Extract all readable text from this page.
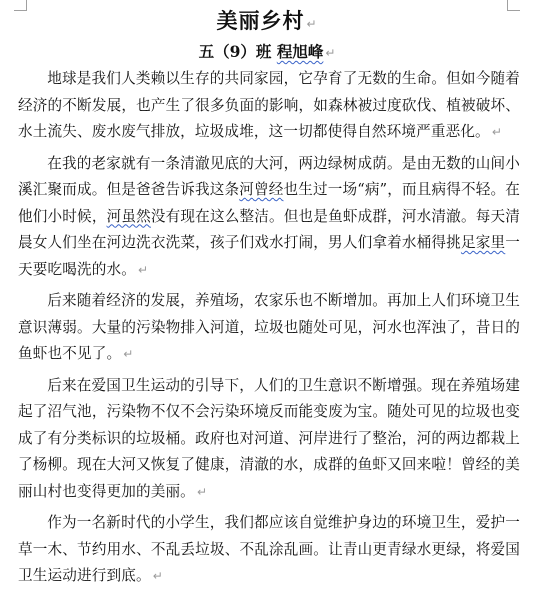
美丽乡村 ↵
五（9）班 程旭峰 ↵

地球是我们人类赖以生存的共同家园，它孕育了无数的生命。但如今随着经济的不断发展，也产生了很多负面的影响，如森林被过度砍伐、植被破坏、水土流失、废水废气排放，垃圾成堆，这一切都使得自然环境严重恶化。 ↵

在我的老家就有一条清澈见底的大河，两边绿树成荫。是由无数的山间小溪汇聚而成。但是爸爸告诉我这条河曾经也生过一场“病”，而且病得不轻。在他们小时候，河虽然没有现在这么整洁。但也是鱼虾成群，河水清澈。每天清晨女人们坐在河边洗衣洗菜，孩子们戏水打闹，男人们拿着水桶得挑足家里一天要吃喝洗的水。 ↵

后来随着经济的发展，养殖场，农家乐也不断增加。再加上人们环境卫生意识薄弱。大量的污染物排入河道，垃圾也随处可见，河水也浑浊了，昔日的鱼虾也不见了。 ↵

后来在爱国卫生运动的引导下，人们的卫生意识不断增强。现在养殖场建起了沼气池，污染物不仅不会污染环境反而能变废为宝。随处可见的垃圾也变成了有分类标识的垃圾桶。政府也对河道、河岸进行了整治，河的两边都栽上了杨柳。现在大河又恢复了健康，清澈的水，成群的鱼虾又回来啦！曾经的美丽山村也变得更加的美丽。 ↵

作为一名新时代的小学生，我们都应该自觉维护身边的环境卫生，爱护一草一木、节约用水、不乱丢垃圾、不乱涂乱画。让青山更青绿水更绿，将爱国卫生运动进行到底。 ↵
